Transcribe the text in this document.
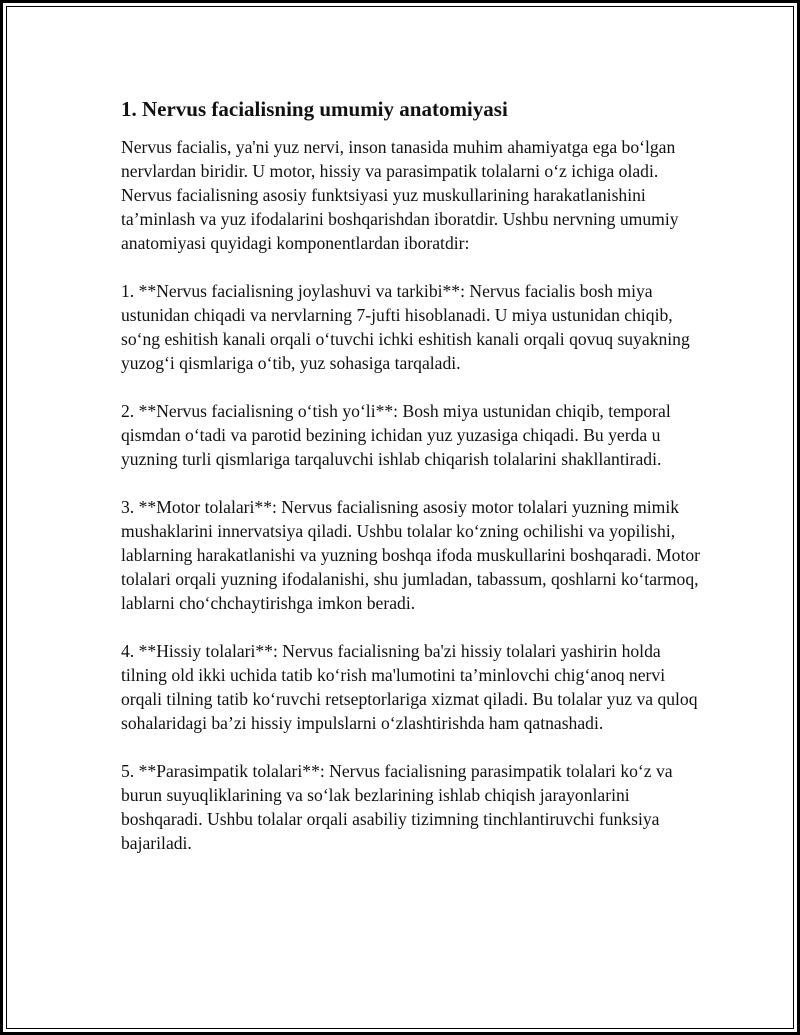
1. Nervus facialisning umumiy anatomiyasi

Nervus facialis, ya'ni yuz nervi, inson tanasida muhim ahamiyatga ega bo‘lgan nervlardan biridir. U motor, hissiy va parasimpatik tolalarni o‘z ichiga oladi. Nervus facialisning asosiy funktsiyasi yuz muskullarining harakatlanishini ta’minlash va yuz ifodalarini boshqarishdan iboratdir. Ushbu nervning umumiy anatomiyasi quyidagi komponentlardan iboratdir:

1. **Nervus facialisning joylashuvi va tarkibi**: Nervus facialis bosh miya ustunidan chiqadi va nervlarning 7-jufti hisoblanadi. U miya ustunidan chiqib, so‘ng eshitish kanali orqali o‘tuvchi ichki eshitish kanali orqali qovuq suyakning yuzog‘i qismlariga o‘tib, yuz sohasiga tarqaladi.

2. **Nervus facialisning o‘tish yo‘li**: Bosh miya ustunidan chiqib, temporal qismdan o‘tadi va parotid bezining ichidan yuz yuzasiga chiqadi. Bu yerda u yuzning turli qismlariga tarqaluvchi ishlab chiqarish tolalarini shakllantiradi.

3. **Motor tolalari**: Nervus facialisning asosiy motor tolalari yuzning mimik mushaklarini innervatsiya qiladi. Ushbu tolalar ko‘zning ochilishi va yopilishi, lablarning harakatlanishi va yuzning boshqa ifoda muskullarini boshqaradi. Motor tolalari orqali yuzning ifodalanishi, shu jumladan, tabassum, qoshlarni ko‘tarmoq, lablarni cho‘chchaytirishga imkon beradi.

4. **Hissiy tolalari**: Nervus facialisning ba'zi hissiy tolalari yashirin holda tilning old ikki uchida tatib ko‘rish ma'lumotini ta’minlovchi chig‘anoq nervi orqali tilning tatib ko‘ruvchi retseptorlariga xizmat qiladi. Bu tolalar yuz va quloq sohalaridagi ba’zi hissiy impulslarni o‘zlashtirishda ham qatnashadi.

5. **Parasimpatik tolalari**: Nervus facialisning parasimpatik tolalari ko‘z va burun suyuqliklarining va so‘lak bezlarining ishlab chiqish jarayonlarini boshqaradi. Ushbu tolalar orqali asabiliy tizimning tinchlantiruvchi funksiya bajariladi.
